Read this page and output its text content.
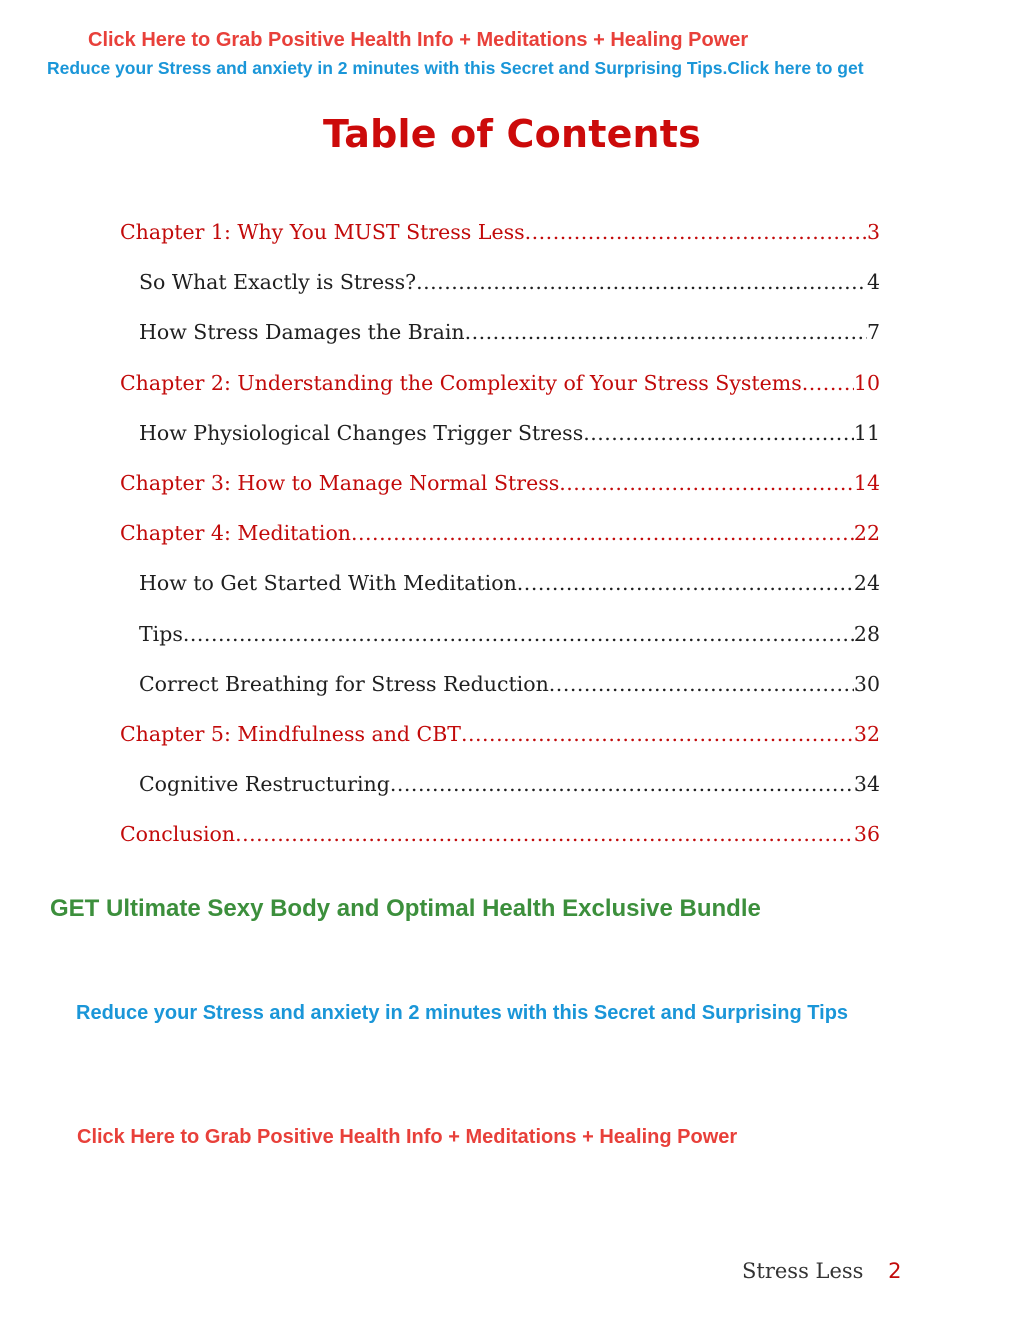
Click Here to Grab Positive Health Info + Meditations + Healing Power
Reduce your Stress and anxiety in 2 minutes with this Secret and Surprising Tips.Click here to get
Table of Contents
Chapter 1: Why You MUST Stress Less .....	3
So What Exactly is Stress? .....	4
How Stress Damages the Brain .....	7
Chapter 2: Understanding the Complexity of Your Stress Systems .....	10
How Physiological Changes Trigger Stress .....	11
Chapter 3: How to Manage Normal Stress .....	14
Chapter 4: Meditation .....	22
How to Get Started With Meditation .....	24
Tips .....	28
Correct Breathing for Stress Reduction .....	30
Chapter 5: Mindfulness and CBT .....	32
Cognitive Restructuring .....	34
Conclusion .....	36
GET Ultimate Sexy Body and Optimal Health Exclusive Bundle
Reduce your Stress and anxiety in 2 minutes with this Secret and Surprising Tips
Click Here to Grab Positive Health Info + Meditations + Healing Power
Stress Less 2
